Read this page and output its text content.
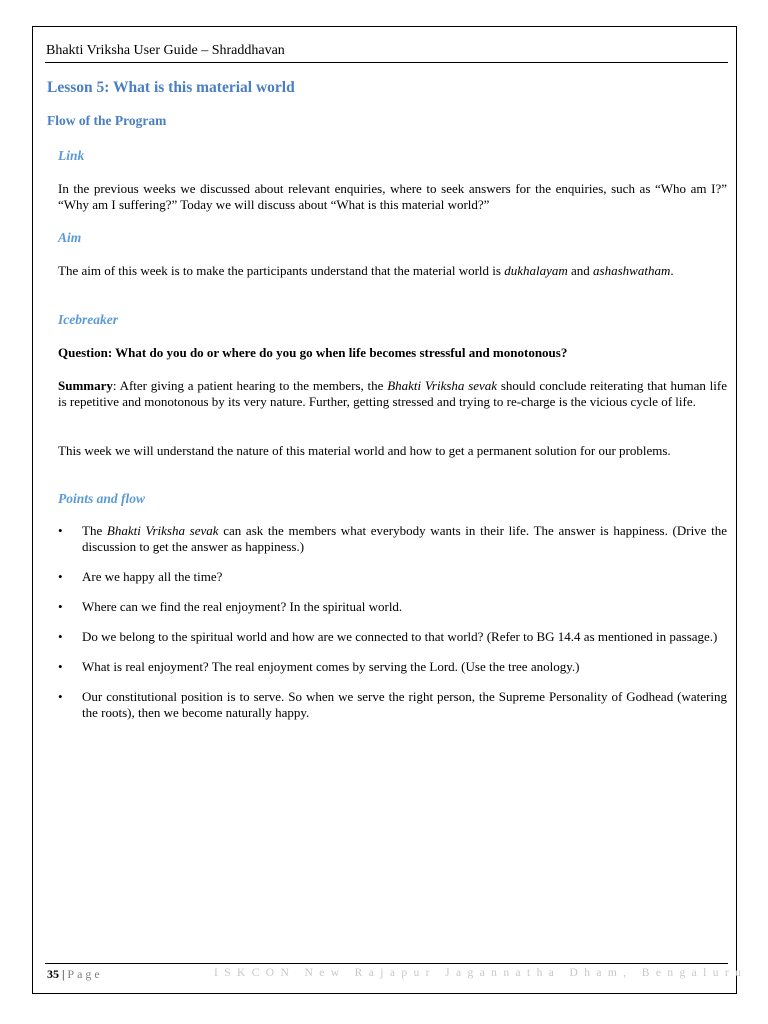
Bhakti Vriksha User Guide – Shraddhavan
Lesson 5: What is this material world
Flow of the Program
Link

In the previous weeks we discussed about relevant enquiries, where to seek answers for the enquiries, such as “Who am I?” “Why am I suffering?” Today we will discuss about “What is this material world?”

Aim

The aim of this week is to make the participants understand that the material world is dukhalayam and ashashwatham.

Icebreaker

Question: What do you do or where do you go when life becomes stressful and monotonous?

Summary: After giving a patient hearing to the members, the Bhakti Vriksha sevak should conclude reiterating that human life is repetitive and monotonous by its very nature. Further, getting stressed and trying to re-charge is the vicious cycle of life.

This week we will understand the nature of this material world and how to get a permanent solution for our problems.

Points and flow
• The Bhakti Vriksha sevak can ask the members what everybody wants in their life. The answer is happiness. (Drive the discussion to get the answer as happiness.)
• Are we happy all the time?
• Where can we find the real enjoyment? In the spiritual world.
• Do we belong to the spiritual world and how are we connected to that world? (Refer to BG 14.4 as mentioned in passage.)
• What is real enjoyment? The real enjoyment comes by serving the Lord. (Use the tree anology.)
• Our constitutional position is to serve. So when we serve the right person, the Supreme Personality of Godhead (watering the roots), then we become naturally happy.
35 | Page	ISKCON New Rajapur Jagannatha Dham, Bengaluru
